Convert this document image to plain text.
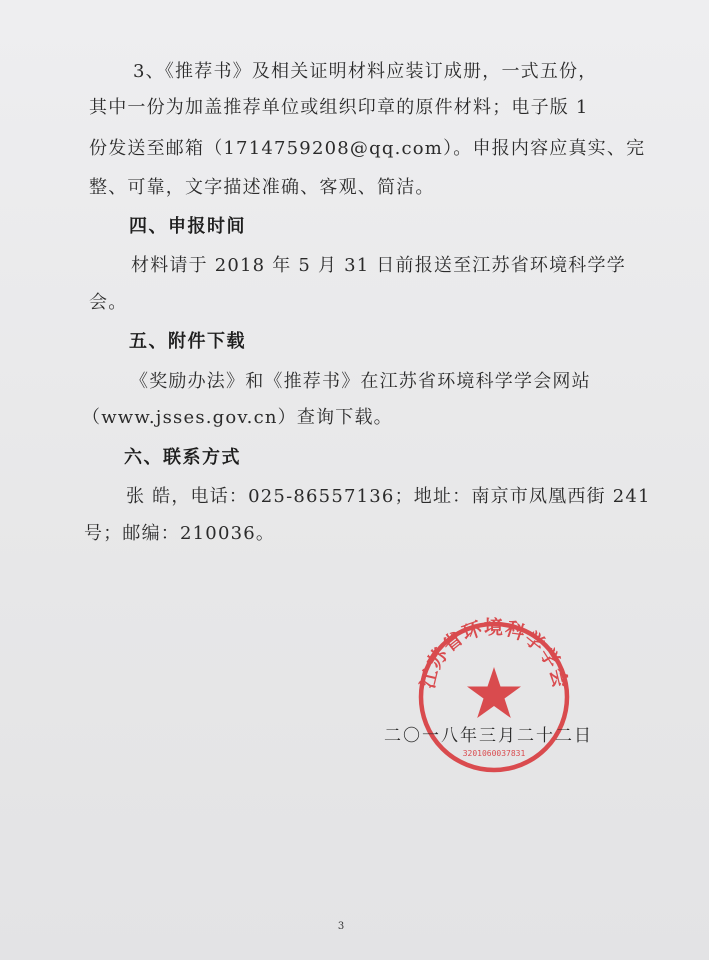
3、《推荐书》及相关证明材料应装订成册，一式五份，
其中一份为加盖推荐单位或组织印章的原件材料；电子版 1
份发送至邮箱（1714759208@qq.com）。申报内容应真实、完
整、可靠，文字描述准确、客观、简洁。
四、申报时间
材料请于 2018 年 5 月 31 日前报送至江苏省环境科学学
会。
五、附件下载
《奖励办法》和《推荐书》在江苏省环境科学学会网站
（www.jsses.gov.cn）查询下载。
六、联系方式
张 皓，电话：025-86557136；地址：南京市凤凰西街 241
号；邮编：210036。
江苏省环境科学学会
3201060037831
二〇一八年三月二十二日
3
